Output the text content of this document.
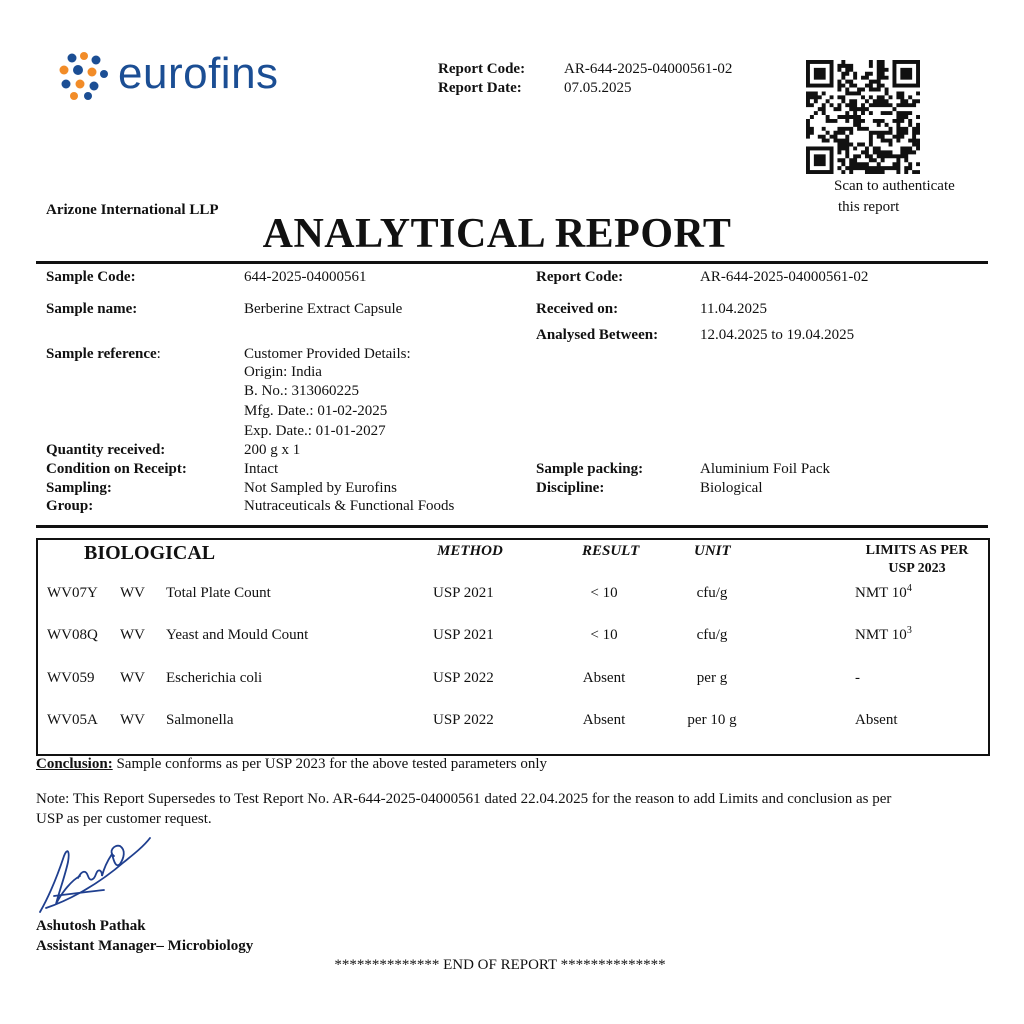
eurofins	Report Code:	AR-644-2025-04000561-02
Report Date:	07.05.2025
Scan to authenticate
this report
Arizone International LLP
ANALYTICAL REPORT
Sample Code:	644-2025-04000561	Report Code:	AR-644-2025-04000561-02
Sample name:	Berberine Extract Capsule	Received on:	11.04.2025
Analysed Between:	12.04.2025 to 19.04.2025
Sample reference:	Customer Provided Details:
Origin: India
B. No.: 313060225
Mfg. Date.: 01-02-2025
Exp. Date.: 01-01-2027
Quantity received:	200 g x 1
Condition on Receipt:	Intact	Sample packing:	Aluminium Foil Pack
Sampling:	Not Sampled by Eurofins	Discipline:	Biological
Group:	Nutraceuticals & Functional Foods
BIOLOGICAL	METHOD	RESULT	UNIT	LIMITS AS PER
USP 2023
WV07Y WV Total Plate Count	USP 2021	< 10	cfu/g	NMT $10^4$
WV08Q WV Yeast and Mould Count	USP 2021	< 10	cfu/g	NMT $10^3$
WV059 WV Escherichia coli	USP 2022	Absent	per g	-
WV05A WV Salmonella	USP 2022	Absent	per 10 g	Absent
Conclusion: Sample conforms as per USP 2023 for the above tested parameters only
Note: This Report Supersedes to Test Report No. AR-644-2025-04000561 dated 22.04.2025 for the reason to add Limits and conclusion as per
USP as per customer request.
Ashutosh Pathak
Assistant Manager– Microbiology
************** END OF REPORT **************
